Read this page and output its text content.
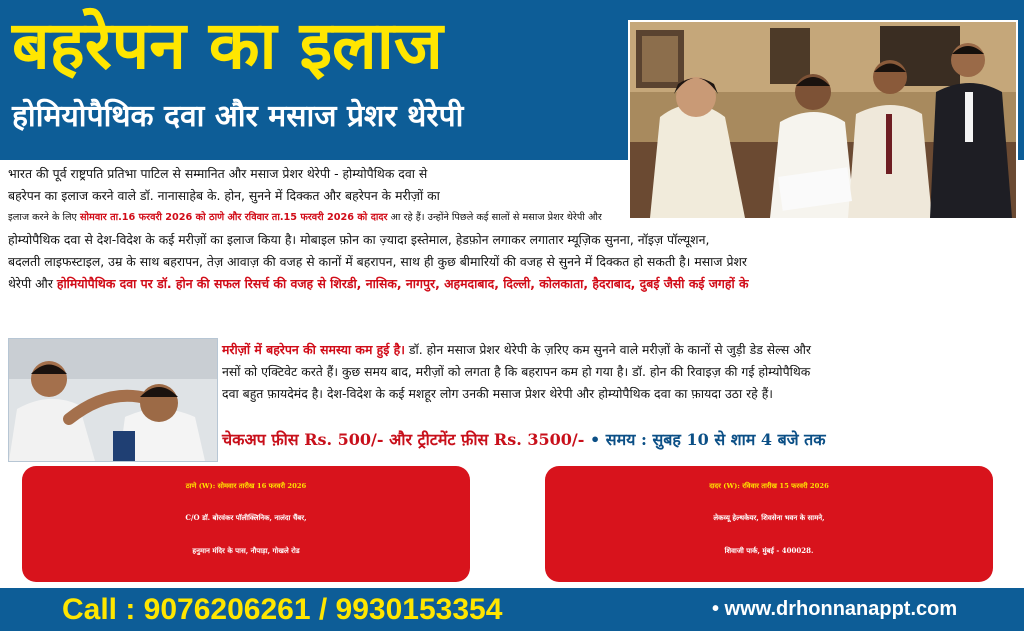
बहरेपन का इलाज
होमियोपैथिक दवा और मसाज प्रेशर थेरेपी

भारत की पूर्व राष्ट्रपति प्रतिभा पाटिल से सम्मानित और मसाज प्रेशर थेरेपी - होम्योपैथिक दवा से

बहरेपन का इलाज करने वाले डॉ. नानासाहेब के. होन, सुनने में दिक्कत और बहरेपन के मरीज़ों का

इलाज करने के लिए सोमवार ता.16 फरवरी 2026 को ठाणे और रविवार ता.15 फरवरी 2026 को दादर आ रहे हैं। उन्होंने पिछले कई सालों से मसाज प्रेशर थेरेपी और

होम्योपैथिक दवा से देश-विदेश के कई मरीज़ों का इलाज किया है। मोबाइल फ़ोन का ज़्यादा इस्तेमाल, हेडफ़ोन लगाकर लगातार म्यूज़िक सुनना, नॉइज़ पॉल्यूशन,

बदलती लाइफस्टाइल, उम्र के साथ बहरापन, तेज़ आवाज़ की वजह से कानों में बहरापन, साथ ही कुछ बीमारियों की वजह से सुनने में दिक्कत हो सकती है। मसाज प्रेशर

थेरेपी और होमियोपैथिक दवा पर डॉ. होन की सफल रिसर्च की वजह से शिरडी, नासिक, नागपुर, अहमदाबाद, दिल्ली, कोलकाता, हैदराबाद, दुबई जैसी कई जगहों के

मरीज़ों में बहरेपन की समस्या कम हुई है। डॉ. होन मसाज प्रेशर थेरेपी के ज़रिए कम सुनने वाले मरीज़ों के कानों से जुड़ी डेड सेल्स और

नसों को एक्टिवेट करते हैं। कुछ समय बाद, मरीज़ों को लगता है कि बहरापन कम हो गया है। डॉ. होन की रिवाइज़ की गई होम्योपैथिक

दवा बहुत फ़ायदेमंद है। देश-विदेश के कई मशहूर लोग उनकी मसाज प्रेशर थेरेपी और होम्योपैथिक दवा का फ़ायदा उठा रहे हैं।

चेकअप फ़ीस Rs. 500/- और ट्रीटमेंट फ़ीस Rs. 3500/- • समय : सुबह 10 से शाम 4 बजे तक
ठाणे (W): सोमवार तारीख 16 फरवरी 2026
C/O डॉ. बोरवंकर पॉलीक्लिनिक, नालंदा चैंबर,
हनुमान मंदिर के पास, नौपाड़ा, गोखले रोड
दादर (W): रविवार तारीख 15 फरवरी 2026
लेकव्यू हेल्थकेयर, शिवसेना भवन के सामने,
शिवाजी पार्क, मुंबई - 400028.
Call : 9076206261 / 9930153354	• www.drhonnanappt.com
